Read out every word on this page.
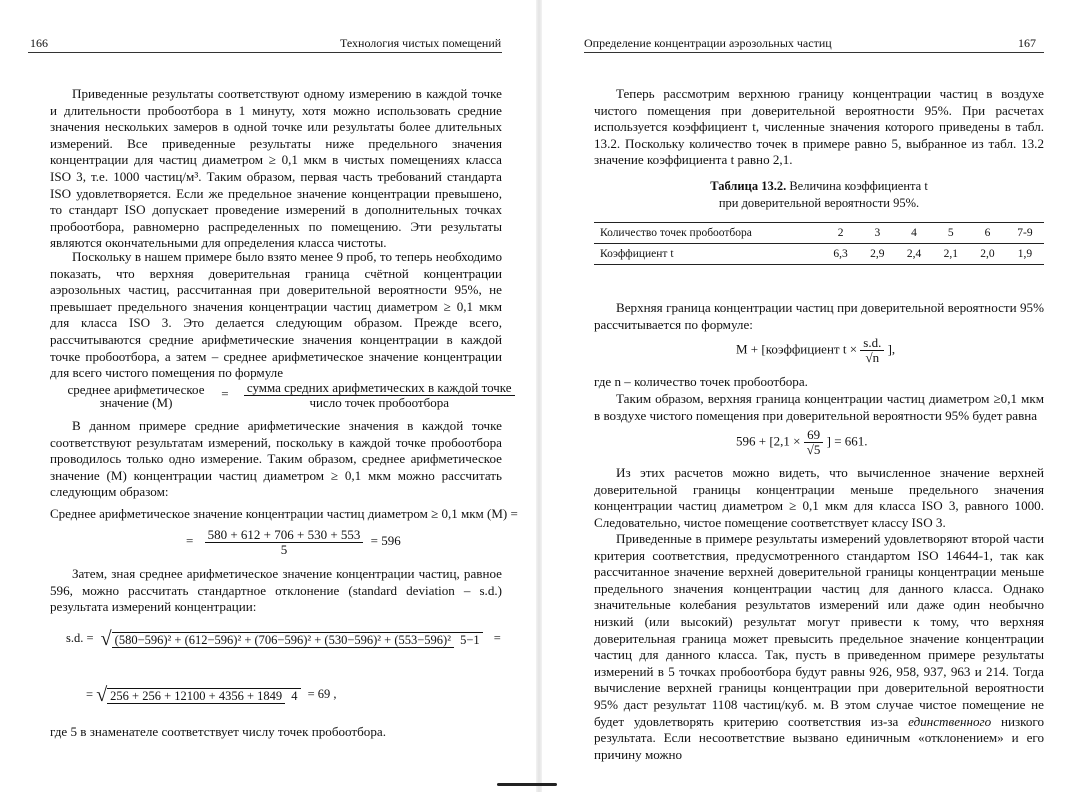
166	Технология чистых помещений
Приведенные результаты соответствуют одному измерению в каждой точке и длительности пробоотбора в 1 минуту, хотя можно использовать средние значения нескольких замеров в одной точке или результаты более длительных измерений. Все приведенные результаты ниже предельного значения концентрации для частиц диаметром ≥ 0,1 мкм в чистых помещениях класса ISO 3, т.е. 1000 частиц/м³. Таким образом, первая часть требований стандарта ISO удовлетворяется. Если же предельное значение концентрации превышено, то стандарт ISO допускает проведение измерений в дополнительных точках пробоотбора, равномерно распределенных по помещению. Эти результаты являются окончательными для определения класса чистоты.
Поскольку в нашем примере было взято менее 9 проб, то теперь необходимо показать, что верхняя доверительная граница счётной концентрации аэрозольных частиц, рассчитанная при доверительной вероятности 95%, не превышает предельного значения концентрации частиц диаметром ≥ 0,1 мкм для класса ISO 3. Это делается следующим образом. Прежде всего, рассчитываются средние арифметические значения концентрации в каждой точке пробоотбора, а затем – среднее арифметическое значение концентрации для всего чистого помещения по формуле
среднее арифметическое значение (М)
= $\frac{\text{сумма средних арифметических в каждой точке}}{\text{число точек пробоотбора}}$
В данном примере средние арифметические значения в каждой точке соответствуют результатам измерений, поскольку в каждой точке пробоотбора проводилось только одно измерение. Таким образом, среднее арифметическое значение (М) концентрации частиц диаметром ≥ 0,1 мкм можно рассчитать следующим образом:
Среднее арифметическое значение концентрации частиц диаметром ≥ 0,1 мкм (М) =
= $\frac{580 + 612 + 706 + 530 + 553}{5} = 596$
Затем, зная среднее арифметическое значение концентрации частиц, равное 596, можно рассчитать стандартное отклонение (standard deviation – s.d.) результата измерений концентрации:
s.d. = √ (580−596)² + (612−596)² + (706−596)² + (530−596)² + (553−596)² 5−1 =
= √ 256 + 256 + 12100 + 4356 + 1849 4 = 69 ,
где 5 в знаменателе соответствует числу точек пробоотбора.
Определение концентрации аэрозольных частиц	167
Теперь рассмотрим верхнюю границу концентрации частиц в воздухе чистого помещения при доверительной вероятности 95%. При расчетах используется коэффициент t, численные значения которого приведены в табл. 13.2. Поскольку количество точек в примере равно 5, выбранное из табл. 13.2 значение коэффициента t равно 2,1.
Таблица 13.2. Величина коэффициента t
при доверительной вероятности 95%.
Количество точек пробоотбора	2	3	4	5	6	7-9
Коэффициент t	6,3	2,9	2,4	2,1	2,0	1,9
Верхняя граница концентрации частиц при доверительной вероятности 95% рассчитывается по формуле:
М + [коэффициент $t \times \frac{s.d.}{√n}$ ],
где n – количество точек пробоотбора.
Таким образом, верхняя граница концентрации частиц диаметром ≥0,1 мкм в воздухе чистого помещения при доверительной вероятности 95% будет равна
$596 + [2,1 \times \frac{69}{√5}$ ] = 661.
Из этих расчетов можно видеть, что вычисленное значение верхней доверительной границы концентрации меньше предельного значения концентрации частиц диаметром ≥ 0,1 мкм для класса ISO 3, равного 1000. Следовательно, чистое помещение соответствует классу ISO 3.
Приведенные в примере результаты измерений удовлетворяют второй части критерия соответствия, предусмотренного стандартом ISO 14644-1, так как рассчитанное значение верхней доверительной границы концентрации меньше предельного значения концентрации частиц для данного класса. Однако значительные колебания результатов измерений или даже один необычно низкий (или высокий) результат могут привести к тому, что верхняя доверительная граница может превысить предельное значение концентрации частиц для данного класса. Так, пусть в приведенном примере результаты измерений в 5 точках пробоотбора будут равны 926, 958, 937, 963 и 214. Тогда вычисление верхней границы концентрации при доверительной вероятности 95% даст результат 1108 частиц/куб. м. В этом случае чистое помещение не будет удовлетворять критерию соответствия из-за единственного низкого результата. Если несоответствие вызвано единичным «отклонением» и его причину можно
